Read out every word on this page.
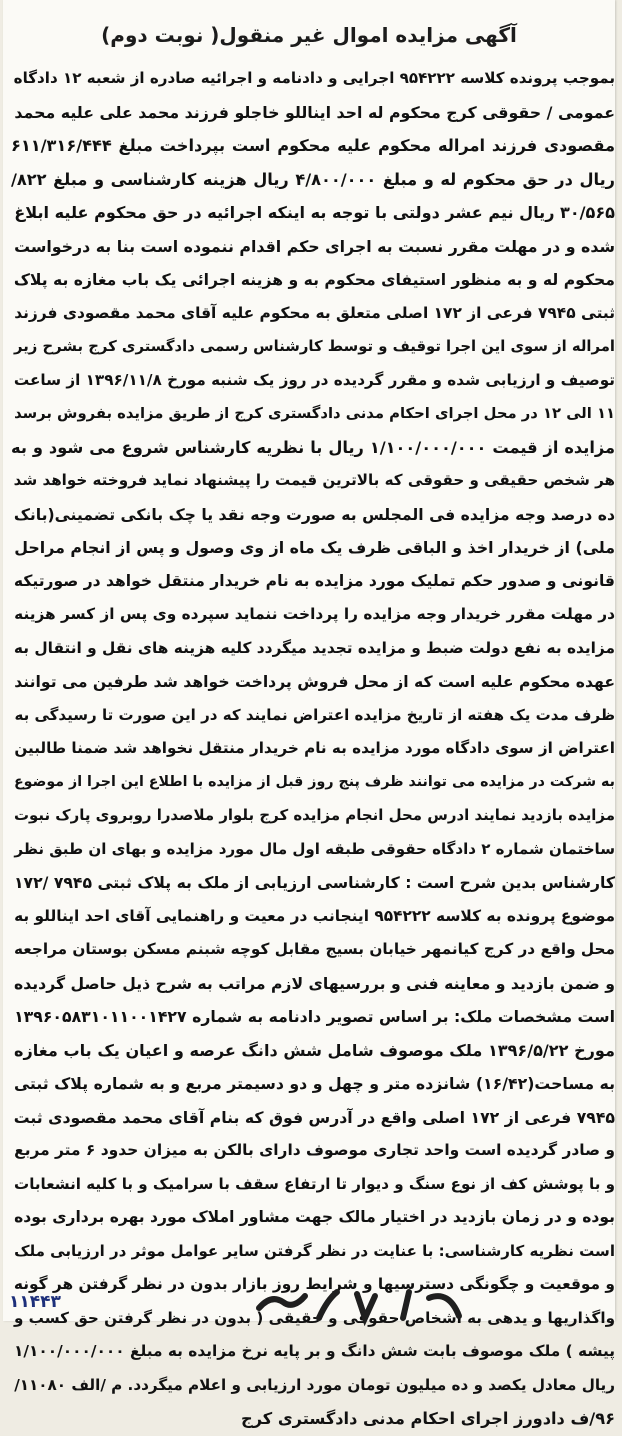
آگهی مزایده اموال غیر منقول( نوبت دوم)
بموجب پرونده کلاسه ۹۵۴۲۲۲ اجرایی و دادنامه و اجرائیه صادره از شعبه ۱۲ دادگاه
عمومی / حقوقی کرج محکوم له احد ایناللو خاجلو فرزند محمد علی علیه محمد
مقصودی فرزند امراله محکوم علیه محکوم است بپرداخت مبلغ ۶۱۱/۳۱۶/۴۴۴
ریال در حق محکوم له و مبلغ ۴/۸۰۰/۰۰۰ ریال هزینه کارشناسی و مبلغ ۸۲۲/
۳۰/۵۶۵ ریال نیم عشر دولتی با توجه به اینکه اجرائیه در حق محکوم علیه ابلاغ
شده و در مهلت مقرر نسبت به اجرای حکم اقدام ننموده است بنا به درخواست
محکوم له و به منظور استیفای محکوم به و هزینه اجرائی یک باب مغازه به پلاک
ثبتی ۷۹۴۵ فرعی از ۱۷۲ اصلی متعلق به محکوم علیه آقای محمد مقصودی فرزند
امراله از سوی این اجرا توقیف و توسط کارشناس رسمی دادگستری کرج بشرح زیر
توصیف و ارزیابی شده و مقرر گردیده در روز یک شنبه مورخ ۱۳۹۶/۱۱/۸ از ساعت
۱۱ الی ۱۲ در محل اجرای احکام مدنی دادگستری کرج از طریق مزایده بفروش برسد
مزایده از قیمت ۱/۱۰۰/۰۰۰/۰۰۰ ریال با نظریه کارشناس شروع می شود و به
هر شخص حقیقی و حقوقی که بالاترین قیمت را پیشنهاد نماید فروخته خواهد شد
ده درصد وجه مزایده فی المجلس به صورت وجه نقد یا چک بانکی تضمینی(بانک
ملی) از خریدار اخذ و الباقی ظرف یک ماه از وی وصول و پس از انجام مراحل
قانونی و صدور حکم تملیک مورد مزایده به نام خریدار منتقل خواهد در صورتیکه
در مهلت مقرر خریدار وجه مزایده را پرداخت ننماید سپرده وی پس از کسر هزینه
مزایده به نفع دولت ضبط و مزایده تجدید میگردد کلیه هزینه های نقل و انتقال به
عهده محکوم علیه است که از محل فروش پرداخت خواهد شد طرفین می توانند
ظرف مدت یک هفته از تاریخ مزایده اعتراض نمایند که در این صورت تا رسیدگی به
اعتراض از سوی دادگاه مورد مزایده به نام خریدار منتقل نخواهد شد ضمنا طالبین
به شرکت در مزایده می توانند ظرف پنج روز قبل از مزایده با اطلاع این اجرا از موضوع
مزایده بازدید نمایند ادرس محل انجام مزایده کرج بلوار ملاصدرا روبروی پارک نبوت
ساختمان شماره ۲ دادگاه حقوقی طبقه اول مال مورد مزایده و بهای ان طبق نظر
کارشناس بدین شرح است : کارشناسی ارزیابی از ملک به پلاک ثبتی ۷۹۴۵ /۱۷۲
موضوع پرونده به کلاسه ۹۵۴۲۲۲ اینجانب در معیت و راهنمایی آقای احد ایناللو به
محل واقع در کرج کیانمهر خیابان بسیج مقابل کوچه شبنم مسکن بوستان مراجعه
و ضمن بازدید و معاینه فنی و بررسیهای لازم مراتب به شرح ذیل حاصل گردیده
است مشخصات ملک: بر اساس تصویر دادنامه به شماره ۱۳۹۶۰۵۸۳۱۰۱۱۰۰۱۴۲۷
مورخ ۱۳۹۶/۵/۲۲ ملک موصوف شامل شش دانگ عرصه و اعیان یک باب مغازه
به مساحت(۱۶/۴۲) شانزده متر و چهل و دو دسیمتر مربع و به شماره پلاک ثبتی
۷۹۴۵ فرعی از ۱۷۲ اصلی واقع در آدرس فوق که بنام آقای محمد مقصودی ثبت
و صادر گردیده است واحد تجاری موصوف دارای بالکن به میزان حدود ۶ متر مربع
و با پوشش کف از نوع سنگ و دیوار تا ارتفاع سقف با سرامیک و با کلیه انشعابات
بوده و در زمان بازدید در اختیار مالک جهت مشاور املاک مورد بهره برداری بوده
است نظریه کارشناسی: با عنایت در نظر گرفتن سایر عوامل موثر در ارزیابی ملک
و موقعیت و چگونگی دسترسیها و شرایط روز بازار بدون در نظر گرفتن هر گونه
واگذاریها و یدهی به اشخاص حقوقی و حقیقی ( بدون در نظر گرفتن حق کسب و
پیشه ) ملک موصوف بابت شش دانگ و بر پایه نرخ مزایده به مبلغ ۱/۱۰۰/۰۰۰/۰۰۰
ریال معادل یکصد و ده میلیون تومان مورد ارزیابی و اعلام میگردد. م /الف ۱۱۰۸۰/
۹۶/ف دادورز اجرای احکام مدنی دادگستری کرج
۱۱۴۴۳
